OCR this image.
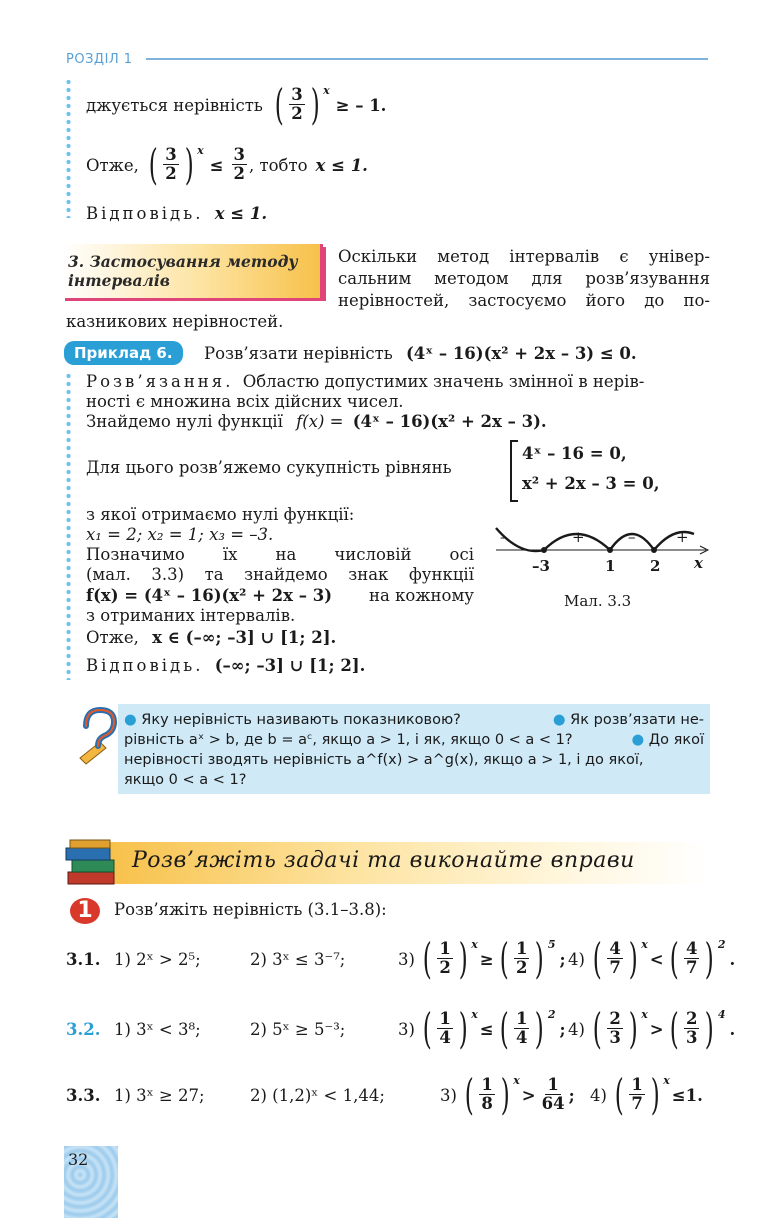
РОЗДІЛ 1
джується нерівність ( $\frac{3}{2}$ ) x
≥ – 1.
Отже, ( $\frac{3}{2}$ ) x
≤ $\frac{3}{2}$ , тобто x ≤ 1.
Відповідь. x ≤ 1.
3. Застосування методу
інтервалів
Оскільки метод інтервалів є універ-
сальним методом для розв’язування
нерівностей, застосуємо його до по-
казникових нерівностей.
Приклад 6.	Розв’язати нерівність (4ˣ – 16)(x² + 2x – 3) ≤ 0.
Розв’язання. Областю допустимих значень змінної в нерів-
ності є множина всіх дійсних чисел.
Знайдемо нулі функції f(x) = (4ˣ – 16)(x² + 2x – 3).
Для цього розв’яжемо сукупність рівнянь
4ˣ – 16 = 0,
x² + 2x – 3 = 0,
з якої отримаємо нулі функції:
x₁ = 2; x₂ = 1; x₃ = –3.
Позначимо їх на числовій осі
(мал. 3.3) та знайдемо знак функції
f(x) = (4ˣ – 16)(x² + 2x – 3) на кожному
з отриманих інтервалів.
Отже, x ∈ (–∞; –3] ∪ [1; 2].
Відповідь. (–∞; –3] ∪ [1; 2].
–	+	–	+
–3	1 2 x
Мал. 3.3
● Яку нерівність називають показниковою?	● Як розв’язати не-
рівність aˣ > b, де b = aᶜ, якщо a > 1, і як, якщо 0 < a < 1?	● До якої
нерівності зводять нерівність a^f(x) > a^g(x), якщо a > 1, і до якої,
якщо 0 < a < 1?
Розв’яжіть задачі та виконайте вправи
1	Розв’яжіть нерівність (3.1–3.8):
3.1. 1) 2ˣ > 2⁵;	2) 3ˣ ≤ 3⁻⁷;	3) ( $\frac{1}{2}$ ) x
≥ ( $\frac{1}{2}$ ) 5
; 4) ( $\frac{4}{7}$ ) x
< ( $\frac{4}{7}$ ) 2
.
3.2. 1) 3ˣ < 3⁸;	2) 5ˣ ≥ 5⁻³;	3) ( $\frac{1}{4}$ ) x
≤ ( $\frac{1}{4}$ ) 2
; 4) ( $\frac{2}{3}$ ) x
> ( $\frac{2}{3}$ ) 4
.
3.3. 1) 3ˣ ≥ 27;	2) (1,2)ˣ < 1,44;	3) ( $\frac{1}{8}$ ) x
> $\frac{1}{64}$ ; 4) ( $\frac{1}{7}$ ) x
≤1.
32
